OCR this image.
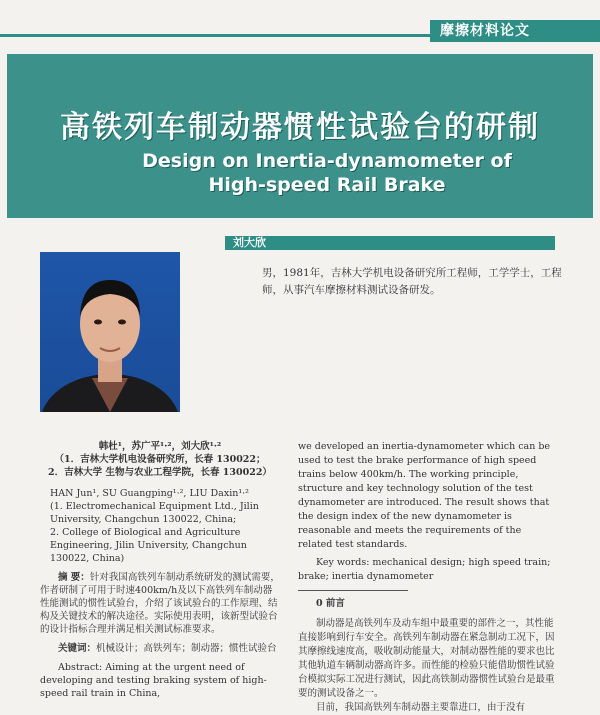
摩擦材料论文
高铁列车制动器惯性试验台的研制
Design on Inertia-dynamometer of
High-speed Rail Brake
刘大欣
男，1981年，吉林大学机电设备研究所工程师，工学学士，工程师，从事汽车摩擦材料测试设备研发。

韩杜¹，苏广平¹·²，刘大欣¹·²

（1．吉林大学机电设备研究所，长春 130022；

2．吉林大学 生物与农业工程学院，长春 130022）

HAN Jun¹, SU Guangping¹·², LIU Daxin¹·²

(1. Electromechanical Equipment Ltd., Jilin University, Changchun 130022, China;

2. College of Biological and Agriculture Engineering, Jilin University, Changchun 130022, China)

摘 要：针对我国高铁列车制动系统研发的测试需要，作者研制了可用于时速400km/h及以下高铁列车制动器性能测试的惯性试验台，介绍了该试验台的工作原理、结构及关键技术的解决途径。实际使用表明，该新型试验台的设计指标合理并满足相关测试标准要求。

关键词：机械设计；高铁列车；制动器；惯性试验台

Abstract: Aiming at the urgent need of developing and testing braking system of high-speed rail train in China,

we developed an inertia-dynamometer which can be used to test the brake performance of high speed trains below 400km/h. The working principle, structure and key technology solution of the test dynamometer are introduced. The result shows that the design index of the new dynamometer is reasonable and meets the requirements of the related test standards.

Key words: mechanical design; high speed train; brake; inertia dynamometer

0 前言

制动器是高铁列车及动车组中最重要的部件之一，其性能直接影响到行车安全。高铁列车制动器在紧急制动工况下，因其摩擦线速度高，吸收制动能量大，对制动器性能的要求也比其他轨道车辆制动器高许多。而性能的检验只能借助惯性试验台模拟实际工况进行测试，因此高铁制动器惯性试验台是最重要的测试设备之一。

目前，我国高铁列车制动器主要靠进口，由于没有
